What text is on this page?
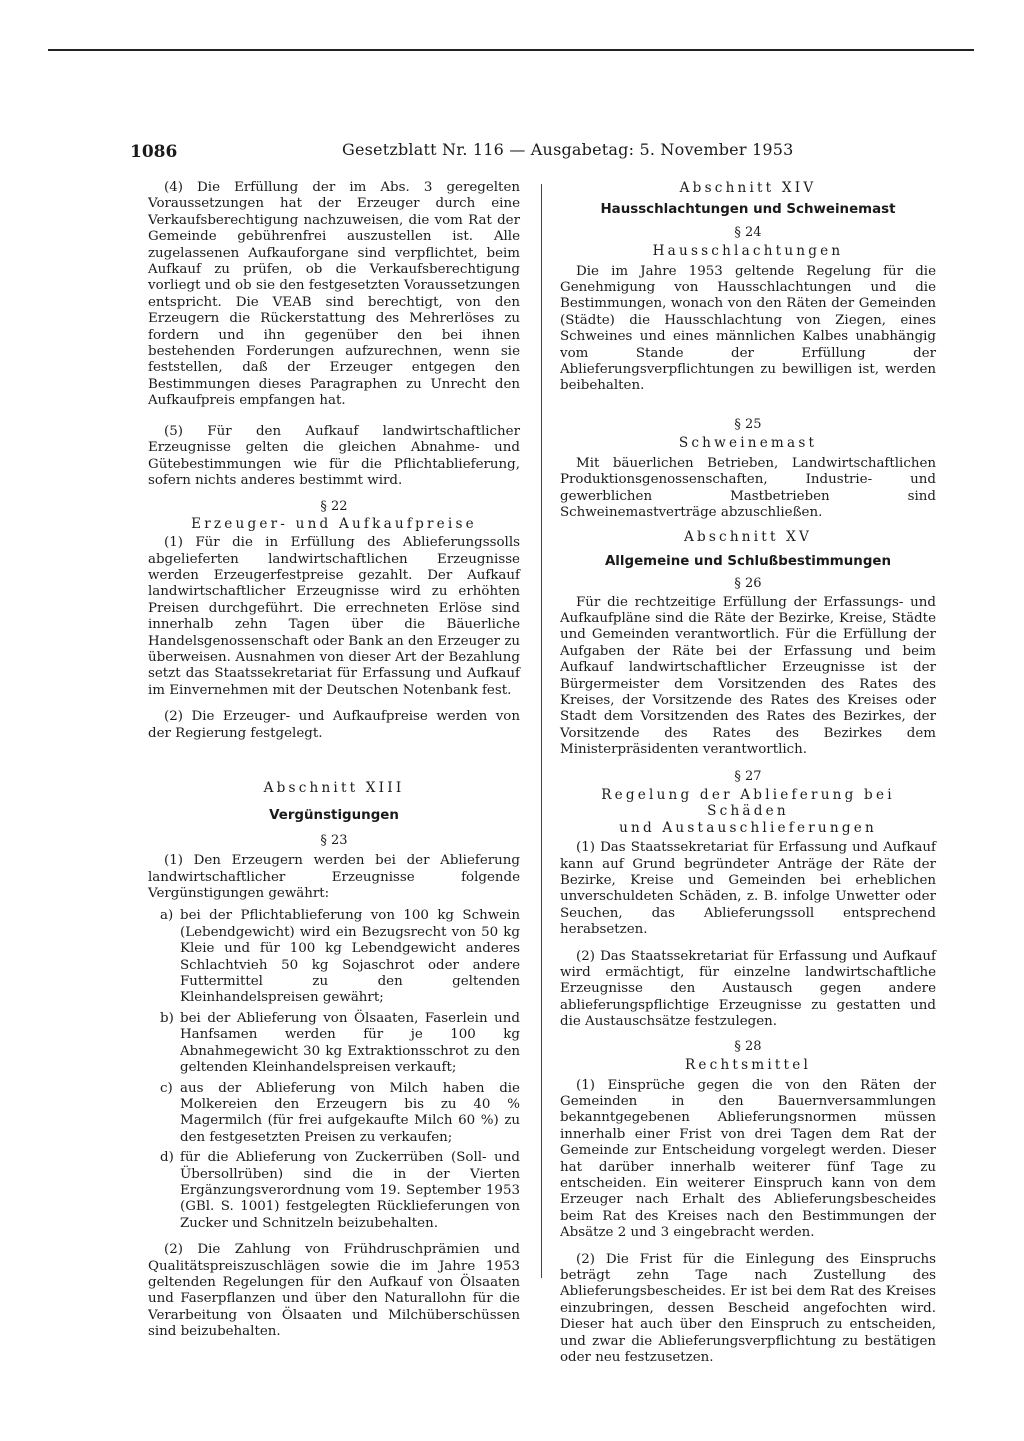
1086	Gesetzblatt Nr. 116 — Ausgabetag: 5. November 1953

(4) Die Erfüllung der im Abs. 3 geregelten Voraussetzungen hat der Erzeuger durch eine Verkaufsberechtigung nachzuweisen, die vom Rat der Gemeinde gebührenfrei auszustellen ist. Alle zugelassenen Aufkauforgane sind verpflichtet, beim Aufkauf zu prüfen, ob die Verkaufsberechtigung vorliegt und ob sie den festgesetzten Voraussetzungen entspricht. Die VEAB sind berechtigt, von den Erzeugern die Rückerstattung des Mehrerlöses zu fordern und ihn gegenüber den bei ihnen bestehenden Forderungen aufzurechnen, wenn sie feststellen, daß der Erzeuger entgegen den Bestimmungen dieses Paragraphen zu Unrecht den Aufkaufpreis empfangen hat.

(5) Für den Aufkauf landwirtschaftlicher Erzeugnisse gelten die gleichen Abnahme- und Gütebestimmungen wie für die Pflichtablieferung, sofern nichts anderes bestimmt wird.

§ 22

Erzeuger- und Aufkaufpreise

(1) Für die in Erfüllung des Ablieferungssolls abgelieferten landwirtschaftlichen Erzeugnisse werden Erzeugerfestpreise gezahlt. Der Aufkauf landwirtschaftlicher Erzeugnisse wird zu erhöhten Preisen durchgeführt. Die errechneten Erlöse sind innerhalb zehn Tagen über die Bäuerliche Handelsgenossenschaft oder Bank an den Erzeuger zu überweisen. Ausnahmen von dieser Art der Bezahlung setzt das Staatssekretariat für Erfassung und Aufkauf im Einvernehmen mit der Deutschen Notenbank fest.

(2) Die Erzeuger- und Aufkaufpreise werden von der Regierung festgelegt.

Abschnitt XIII

Vergünstigungen

§ 23

(1) Den Erzeugern werden bei der Ablieferung landwirtschaftlicher Erzeugnisse folgende Vergünstigungen gewährt:

a) bei der Pflichtablieferung von 100 kg Schwein (Lebendgewicht) wird ein Bezugsrecht von 50 kg Kleie und für 100 kg Lebendgewicht anderes Schlachtvieh 50 kg Sojaschrot oder andere Futtermittel zu den geltenden Kleinhandelspreisen gewährt;
b) bei der Ablieferung von Ölsaaten, Faserlein und Hanfsamen werden für je 100 kg Abnahmegewicht 30 kg Extraktionsschrot zu den geltenden Kleinhandelspreisen verkauft;
c) aus der Ablieferung von Milch haben die Molkereien den Erzeugern bis zu 40 % Magermilch (für frei aufgekaufte Milch 60 %) zu den festgesetzten Preisen zu verkaufen;
d) für die Ablieferung von Zuckerrüben (Soll- und Übersollrüben) sind die in der Vierten Ergänzungsverordnung vom 19. September 1953 (GBl. S. 1001) festgelegten Rücklieferungen von Zucker und Schnitzeln beizubehalten.

(2) Die Zahlung von Frühdruschprämien und Qualitätspreiszuschlägen sowie die im Jahre 1953 geltenden Regelungen für den Aufkauf von Ölsaaten und Faserpflanzen und über den Naturallohn für die Verarbeitung von Ölsaaten und Milchüberschüssen sind beizubehalten.

Abschnitt XIV

Hausschlachtungen und Schweinemast

§ 24

Hausschlachtungen

Die im Jahre 1953 geltende Regelung für die Genehmigung von Hausschlachtungen und die Bestimmungen, wonach von den Räten der Gemeinden (Städte) die Hausschlachtung von Ziegen, eines Schweines und eines männlichen Kalbes unabhängig vom Stande der Erfüllung der Ablieferungsverpflichtungen zu bewilligen ist, werden beibehalten.

§ 25

Schweinemast

Mit bäuerlichen Betrieben, Landwirtschaftlichen Produktionsgenossenschaften, Industrie- und gewerblichen Mastbetrieben sind Schweinemastverträge abzuschließen.

Abschnitt XV

Allgemeine und Schlußbestimmungen

§ 26

Für die rechtzeitige Erfüllung der Erfassungs- und Aufkaufpläne sind die Räte der Bezirke, Kreise, Städte und Gemeinden verantwortlich. Für die Erfüllung der Aufgaben der Räte bei der Erfassung und beim Aufkauf landwirtschaftlicher Erzeugnisse ist der Bürgermeister dem Vorsitzenden des Rates des Kreises, der Vorsitzende des Rates des Kreises oder Stadt dem Vorsitzenden des Rates des Bezirkes, der Vorsitzende des Rates des Bezirkes dem Ministerpräsidenten verantwortlich.

§ 27

Regelung der Ablieferung bei Schäden

und Austauschlieferungen

(1) Das Staatssekretariat für Erfassung und Aufkauf kann auf Grund begründeter Anträge der Räte der Bezirke, Kreise und Gemeinden bei erheblichen unverschuldeten Schäden, z. B. infolge Unwetter oder Seuchen, das Ablieferungssoll entsprechend herabsetzen.

(2) Das Staatssekretariat für Erfassung und Aufkauf wird ermächtigt, für einzelne landwirtschaftliche Erzeugnisse den Austausch gegen andere ablieferungspflichtige Erzeugnisse zu gestatten und die Austauschsätze festzulegen.

§ 28

Rechtsmittel

(1) Einsprüche gegen die von den Räten der Gemeinden in den Bauernversammlungen bekanntgegebenen Ablieferungsnormen müssen innerhalb einer Frist von drei Tagen dem Rat der Gemeinde zur Entscheidung vorgelegt werden. Dieser hat darüber innerhalb weiterer fünf Tage zu entscheiden. Ein weiterer Einspruch kann von dem Erzeuger nach Erhalt des Ablieferungsbescheides beim Rat des Kreises nach den Bestimmungen der Absätze 2 und 3 eingebracht werden.

(2) Die Frist für die Einlegung des Einspruchs beträgt zehn Tage nach Zustellung des Ablieferungsbescheides. Er ist bei dem Rat des Kreises einzubringen, dessen Bescheid angefochten wird. Dieser hat auch über den Einspruch zu entscheiden, und zwar die Ablieferungsverpflichtung zu bestätigen oder neu festzusetzen.
